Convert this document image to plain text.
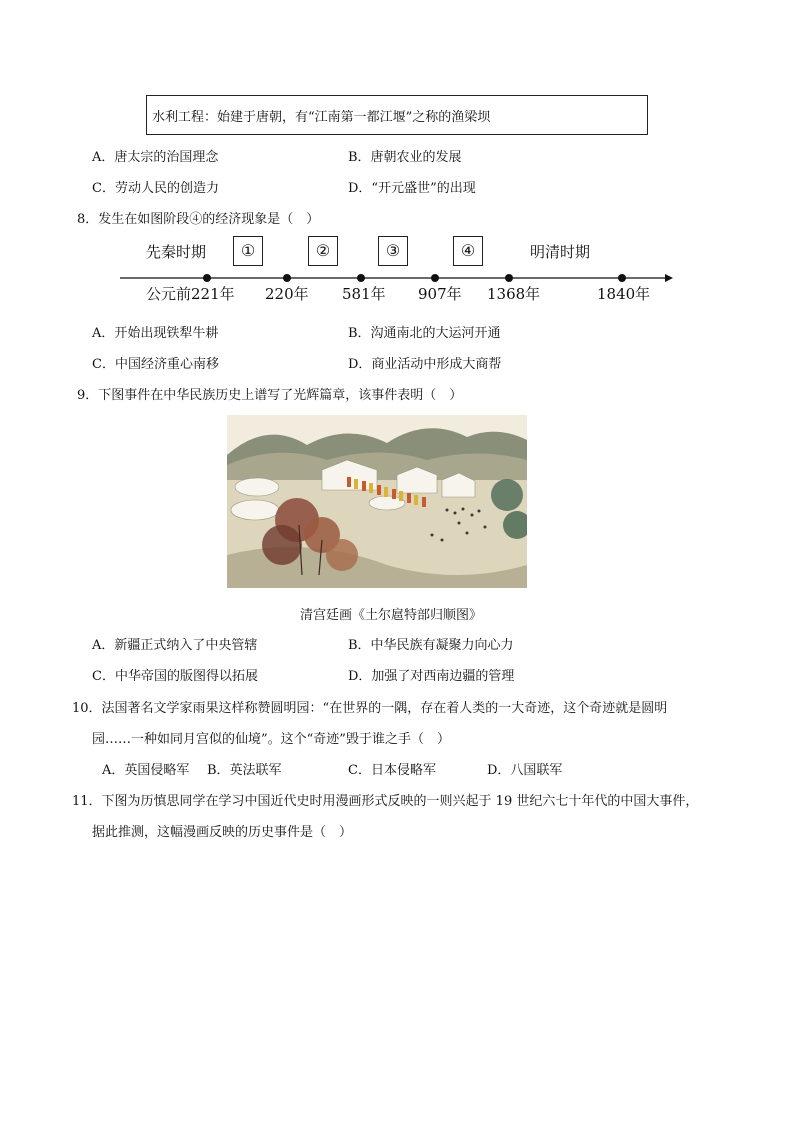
水利工程：始建于唐朝，有“江南第一都江堰”之称的渔梁坝
A．唐太宗的治国理念	B．唐朝农业的发展
C．劳动人民的创造力	D．“开元盛世”的出现
8．发生在如图阶段④的经济现象是（　）
先秦时期	明清时期
①	②	③	④
公元前221年 220年 581年 907年 1368年	1840年
A．开始出现铁犁牛耕	B．沟通南北的大运河开通
C．中国经济重心南移	D．商业活动中形成大商帮
9．下图事件在中华民族历史上谱写了光辉篇章，该事件表明（　）
清宫廷画《土尔扈特部归顺图》
A．新疆正式纳入了中央管辖	B．中华民族有凝聚力向心力
C．中华帝国的版图得以拓展	D．加强了对西南边疆的管理
10．法国著名文学家雨果这样称赞圆明园：“在世界的一隅，存在着人类的一大奇迹，这个奇迹就是圆明
园……一种如同月宫似的仙境”。这个“奇迹”毁于谁之手（　）
A．英国侵略军 B．英法联军	C．日本侵略军	D．八国联军
11．下图为历慎思同学在学习中国近代史时用漫画形式反映的一则兴起于 19 世纪六七十年代的中国大事件，
据此推测，这幅漫画反映的历史事件是（　）
